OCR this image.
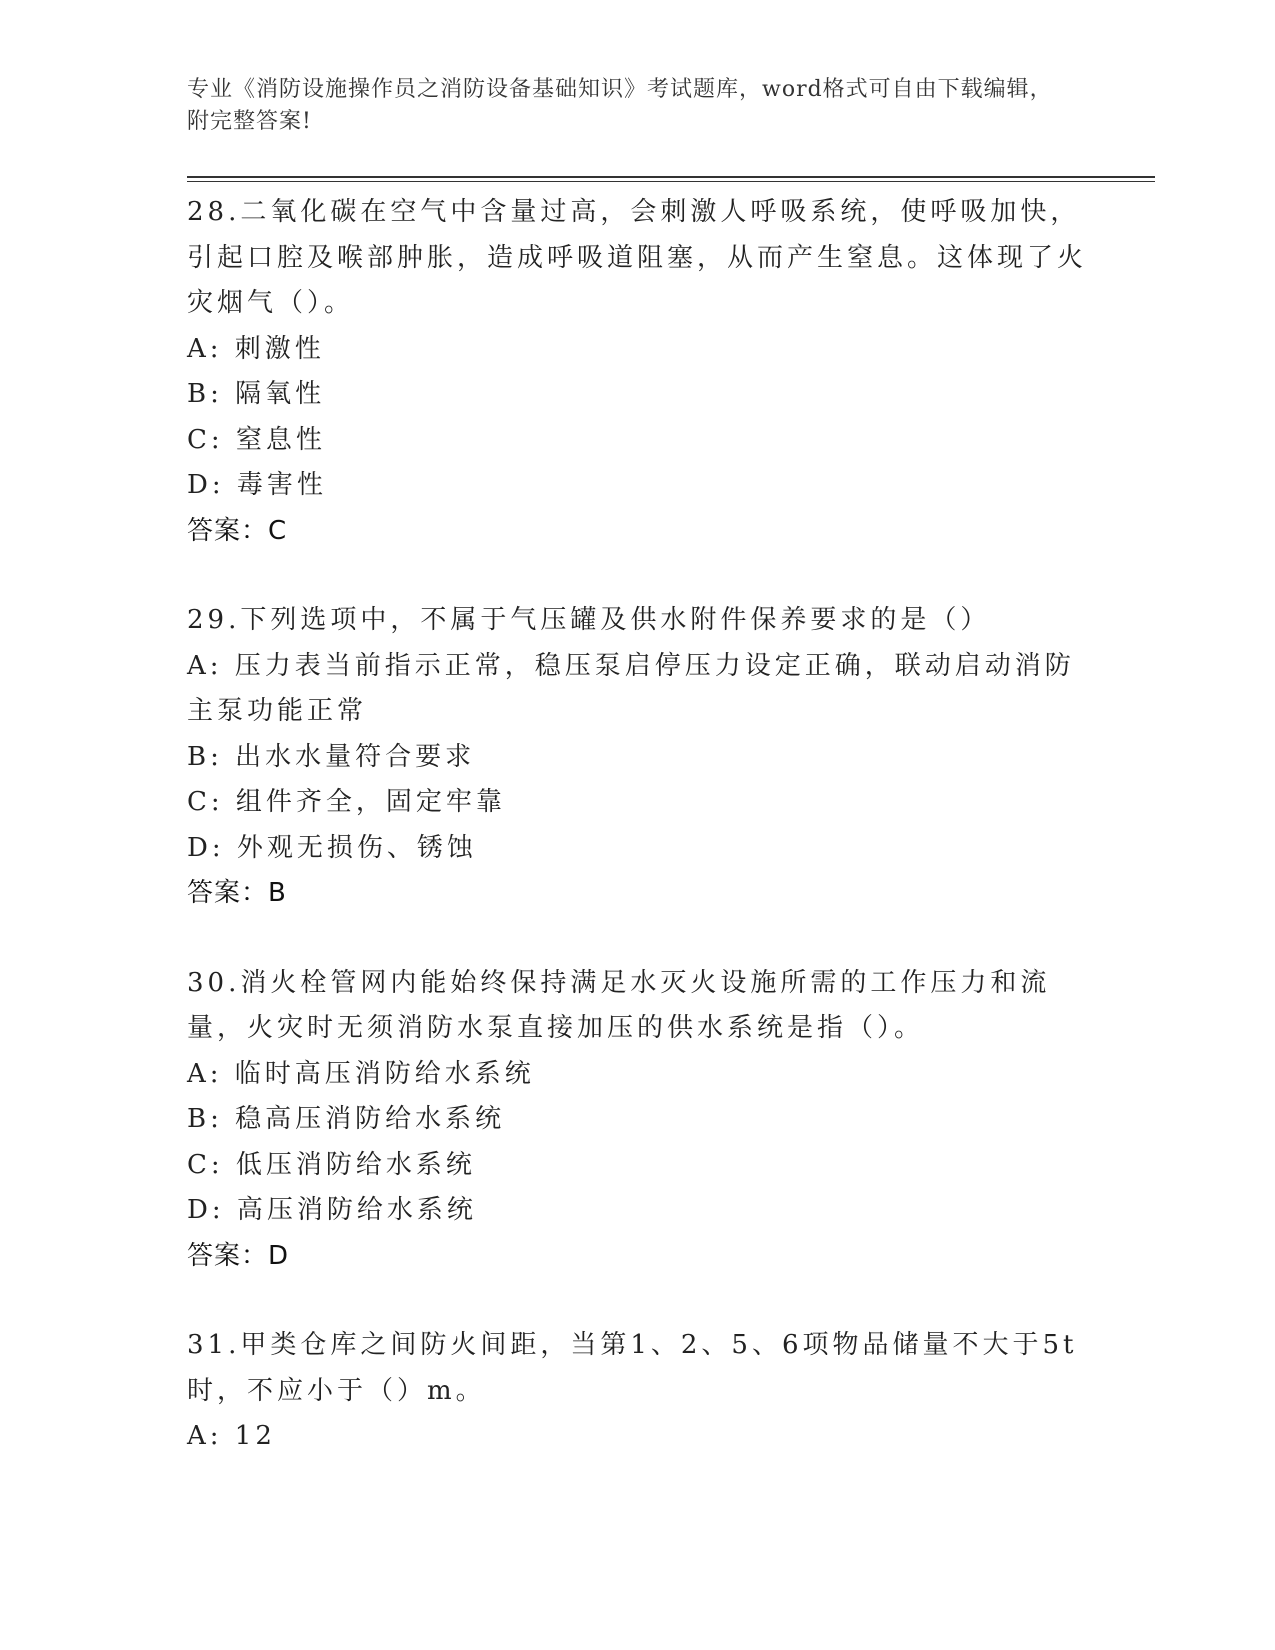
专业《消防设施操作员之消防设备基础知识》考试题库，word格式可自由下载编辑，附完整答案!
28.二氧化碳在空气中含量过高，会刺激人呼吸系统，使呼吸加快，引起口腔及喉部肿胀，造成呼吸道阻塞，从而产生窒息。这体现了火灾烟气（）。
A: 刺激性
B: 隔氧性
C: 窒息性
D: 毒害性
答案：C
29.下列选项中，不属于气压罐及供水附件保养要求的是（）
A: 压力表当前指示正常，稳压泵启停压力设定正确，联动启动消防主泵功能正常
B: 出水水量符合要求
C: 组件齐全，固定牢靠
D: 外观无损伤、锈蚀
答案：B
30.消火栓管网内能始终保持满足水灭火设施所需的工作压力和流量，火灾时无须消防水泵直接加压的供水系统是指（）。
A: 临时高压消防给水系统
B: 稳高压消防给水系统
C: 低压消防给水系统
D: 高压消防给水系统
答案：D
31.甲类仓库之间防火间距，当第1、2、5、6项物品储量不大于5t时，不应小于（）m。
A: 12
